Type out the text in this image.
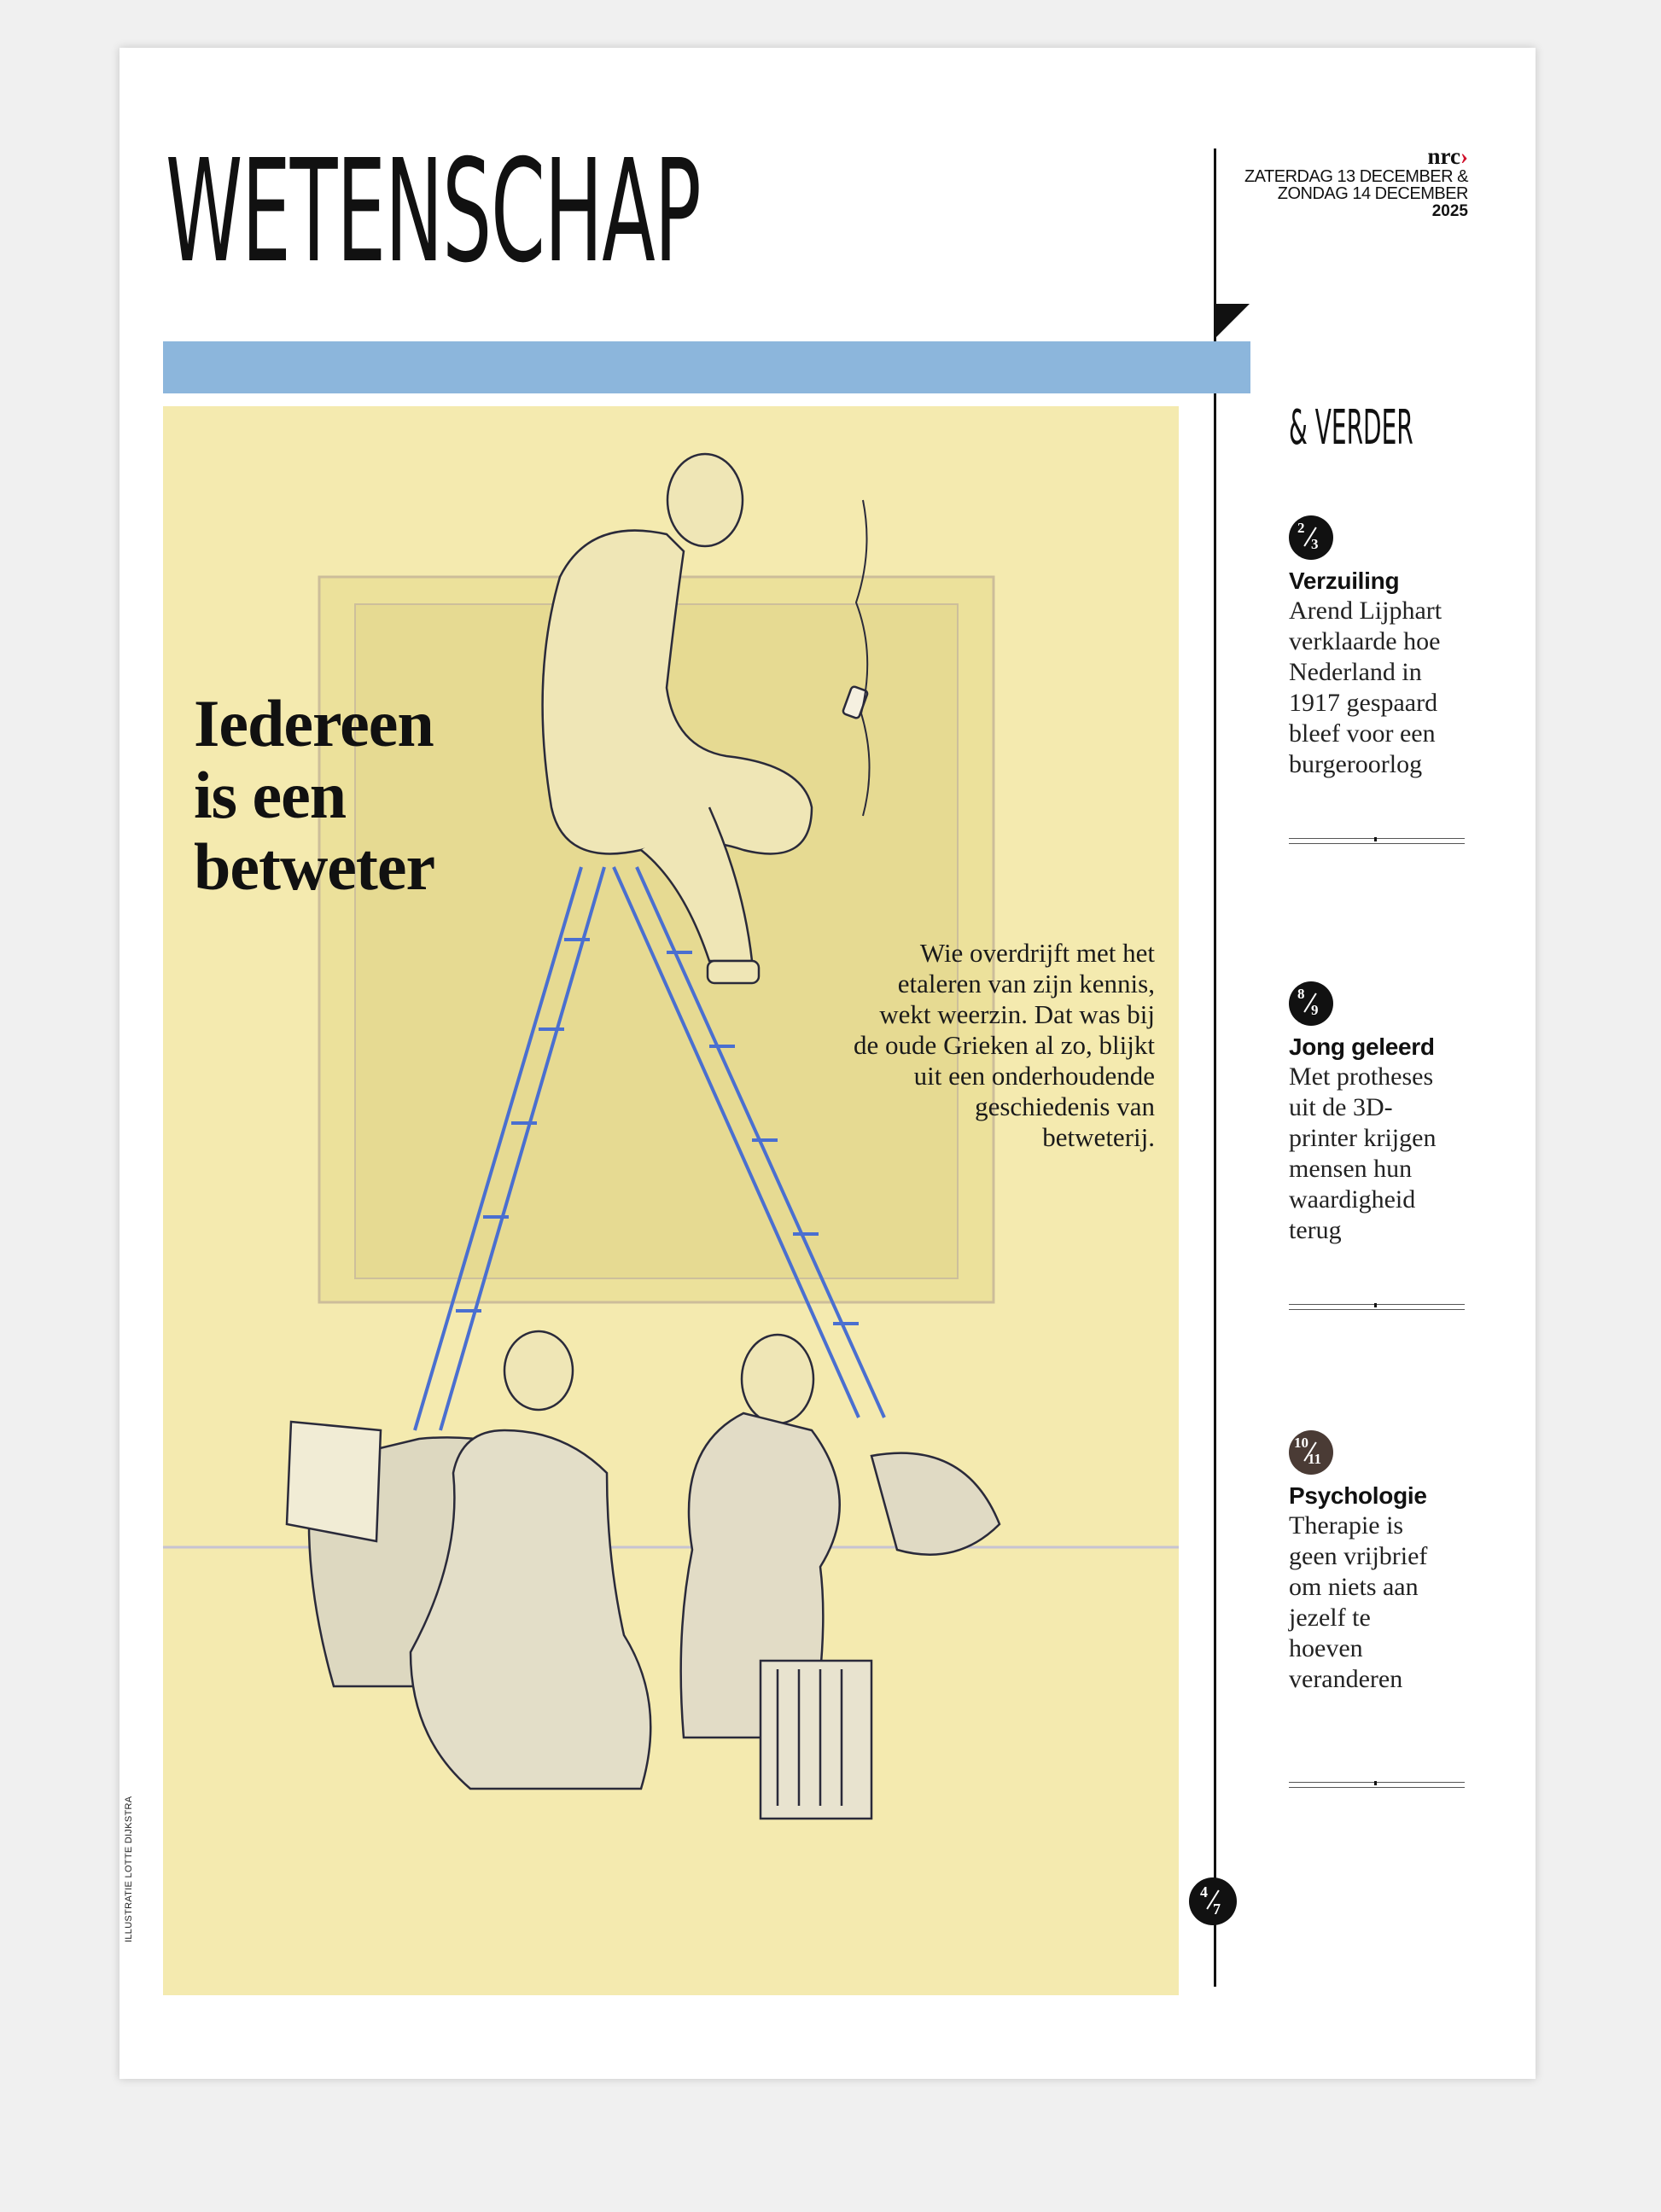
WETENSCHAP	nrc›
ZATERDAG 13 DECEMBER &
ZONDAG 14 DECEMBER
2025
Iedereen
is een
betweter
Wie overdrijft met het
etaleren van zijn kennis,
wekt weerzin. Dat was bij
de oude Grieken al zo, blijkt
uit een onderhoudende
geschiedenis van
betweterij.
ILLUSTRATIE LOTTE DIJKSTRA	4
7
& VERDER
2
3
Verzuiling
Arend Lijphart
verklaarde hoe
Nederland in
1917 gespaard
bleef voor een
burgeroorlog
8
9
Jong geleerd
Met protheses
uit de 3D-
printer krijgen
mensen hun
waardigheid
terug
10
11
Psychologie
Therapie is
geen vrijbrief
om niets aan
jezelf te
hoeven
veranderen
